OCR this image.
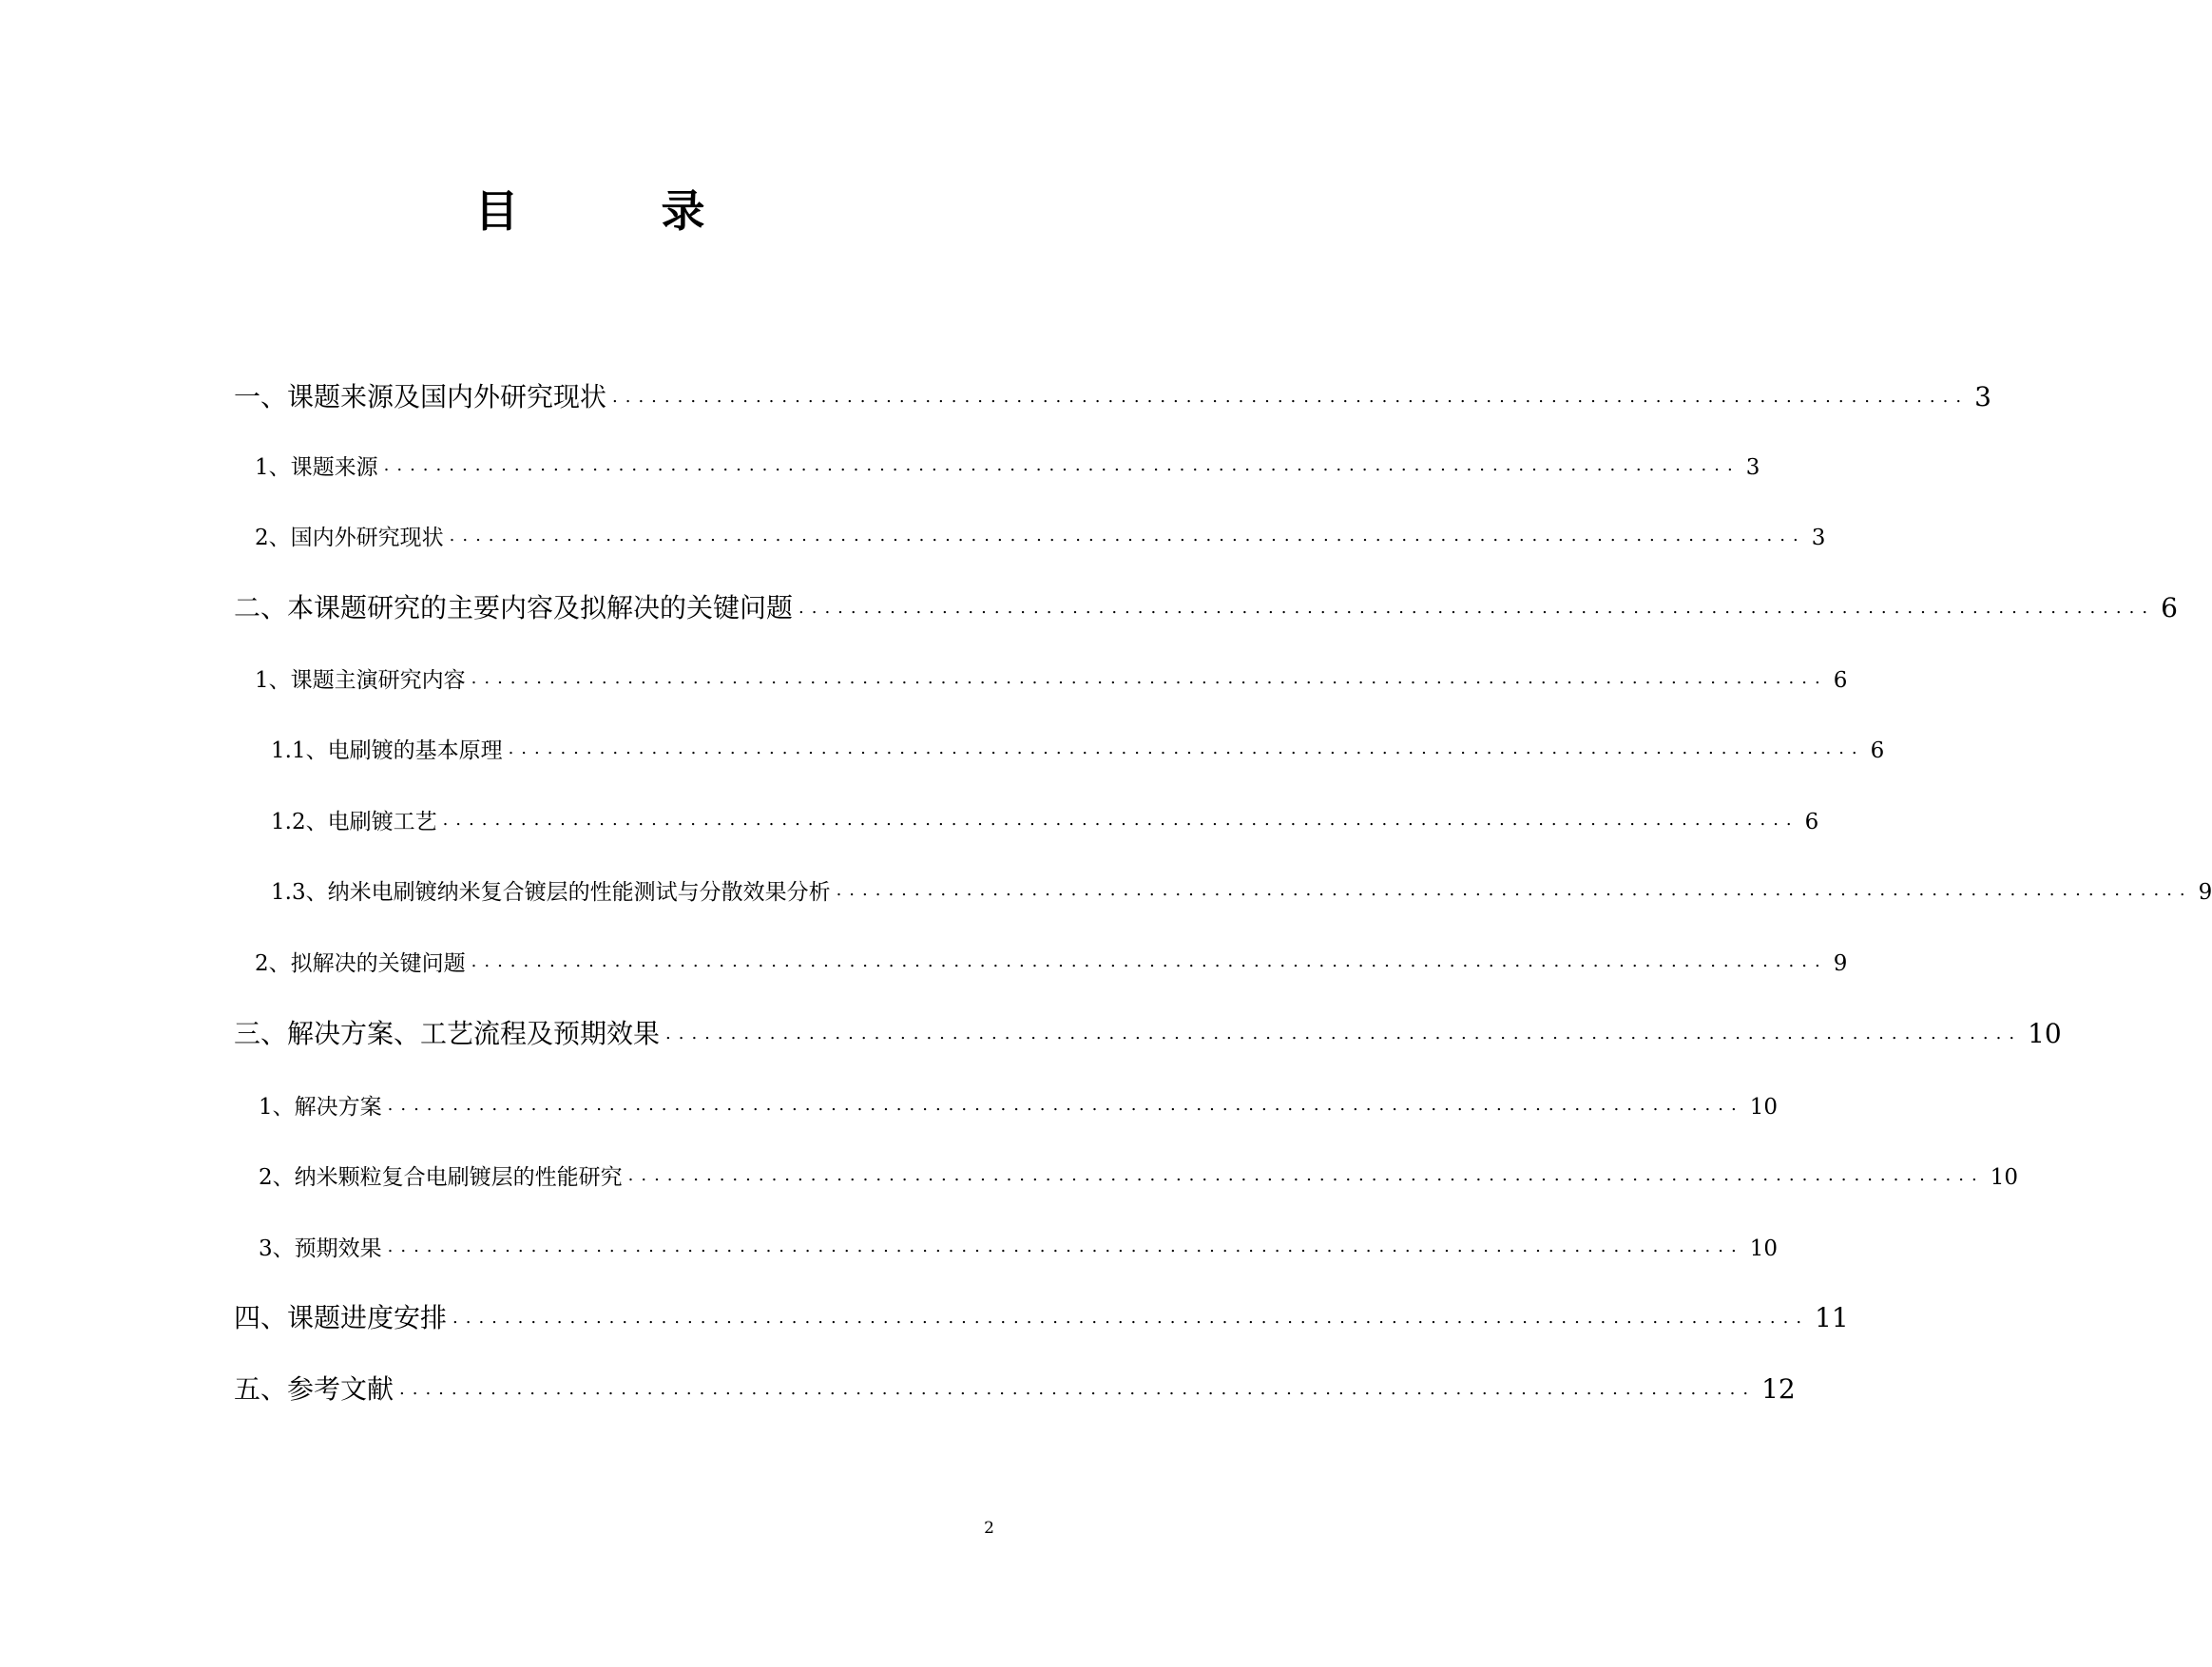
目	录
一、课题来源及国内外研究现状 ........................................................................................................ 3
1、课题来源 ........................................................................................................ 3
2、国内外研究现状 ........................................................................................................ 3
二、本课题研究的主要内容及拟解决的关键问题 ........................................................................................................ 6
1、课题主演研究内容 ........................................................................................................ 6
1.1、电刷镀的基本原理 ........................................................................................................ 6
1.2、电刷镀工艺 ........................................................................................................ 6
1.3、纳米电刷镀纳米复合镀层的性能测试与分散效果分析 ........................................................................................................ 9
2、拟解决的关键问题 ........................................................................................................ 9
三、解决方案、工艺流程及预期效果 ........................................................................................................ 10
1、解决方案 ........................................................................................................ 10
2、纳米颗粒复合电刷镀层的性能研究 ........................................................................................................ 10
3、预期效果 ........................................................................................................ 10
四、课题进度安排 ........................................................................................................ 11
五、参考文献 ........................................................................................................ 12
2
